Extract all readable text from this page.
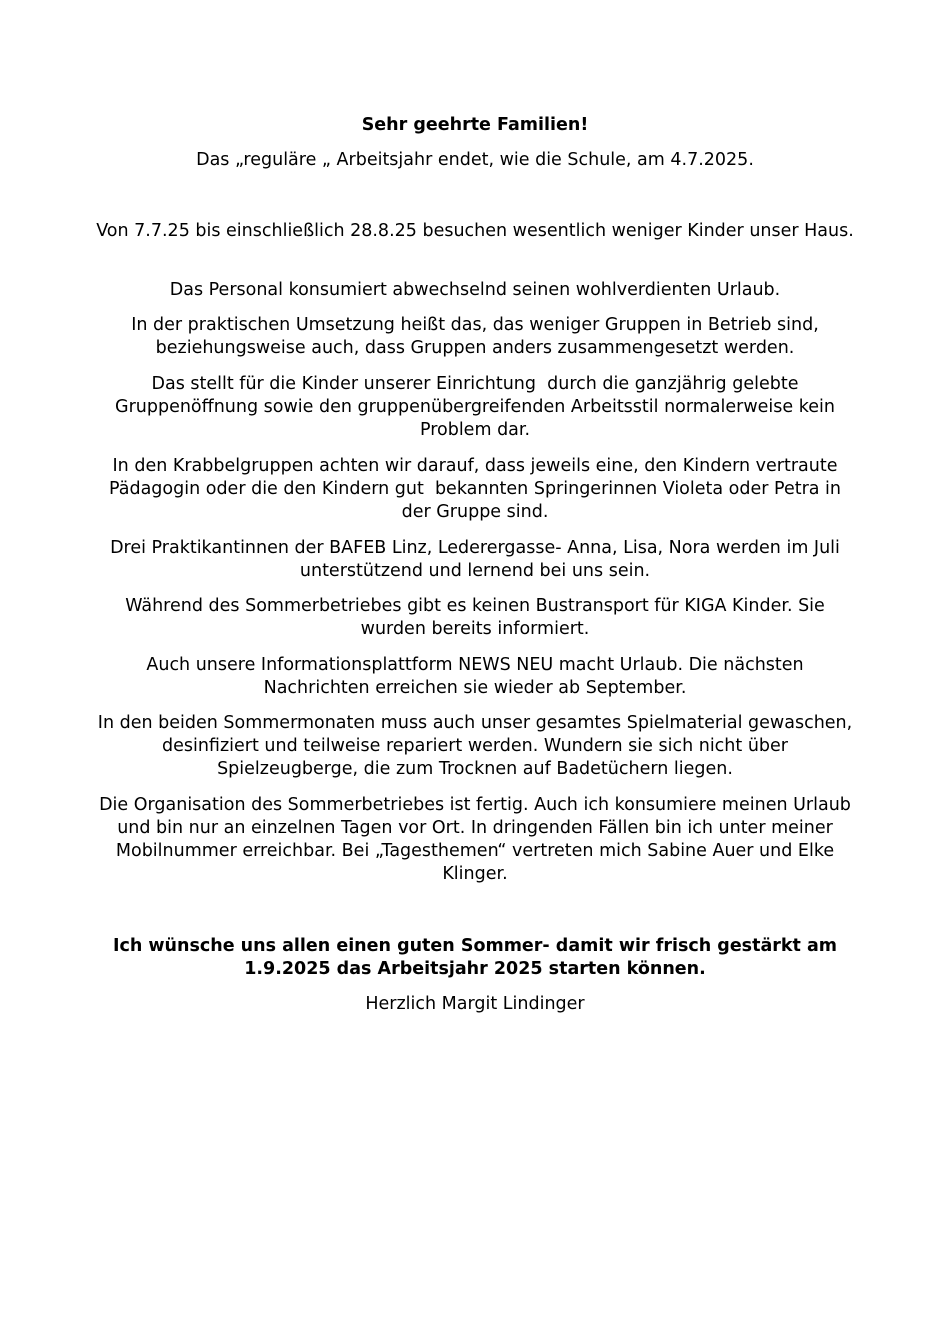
Sehr geehrte Familien!

Das „reguläre „ Arbeitsjahr endet, wie die Schule, am 4.7.2025.

Von 7.7.25 bis einschließlich 28.8.25 besuchen wesentlich weniger Kinder unser Haus.

Das Personal konsumiert abwechselnd seinen wohlverdienten Urlaub.

In der praktischen Umsetzung heißt das, das weniger Gruppen in Betrieb sind, beziehungsweise auch, dass Gruppen anders zusammengesetzt werden.

Das stellt für die Kinder unserer Einrichtung  durch die ganzjährig gelebte Gruppenöffnung sowie den gruppenübergreifenden Arbeitsstil normalerweise kein Problem dar.

In den Krabbelgruppen achten wir darauf, dass jeweils eine, den Kindern vertraute Pädagogin oder die den Kindern gut  bekannten Springerinnen Violeta oder Petra in der Gruppe sind.

Drei Praktikantinnen der BAFEB Linz, Lederergasse- Anna, Lisa, Nora werden im Juli unterstützend und lernend bei uns sein.

Während des Sommerbetriebes gibt es keinen Bustransport für KIGA Kinder. Sie wurden bereits informiert.

Auch unsere Informationsplattform NEWS NEU macht Urlaub. Die nächsten Nachrichten erreichen sie wieder ab September.

In den beiden Sommermonaten muss auch unser gesamtes Spielmaterial gewaschen, desinfiziert und teilweise repariert werden. Wundern sie sich nicht über Spielzeugberge, die zum Trocknen auf Badetüchern liegen.

Die Organisation des Sommerbetriebes ist fertig. Auch ich konsumiere meinen Urlaub und bin nur an einzelnen Tagen vor Ort. In dringenden Fällen bin ich unter meiner Mobilnummer erreichbar. Bei „Tagesthemen“ vertreten mich Sabine Auer und Elke Klinger.

Ich wünsche uns allen einen guten Sommer- damit wir frisch gestärkt am 1.9.2025 das Arbeitsjahr 2025 starten können.

Herzlich Margit Lindinger
